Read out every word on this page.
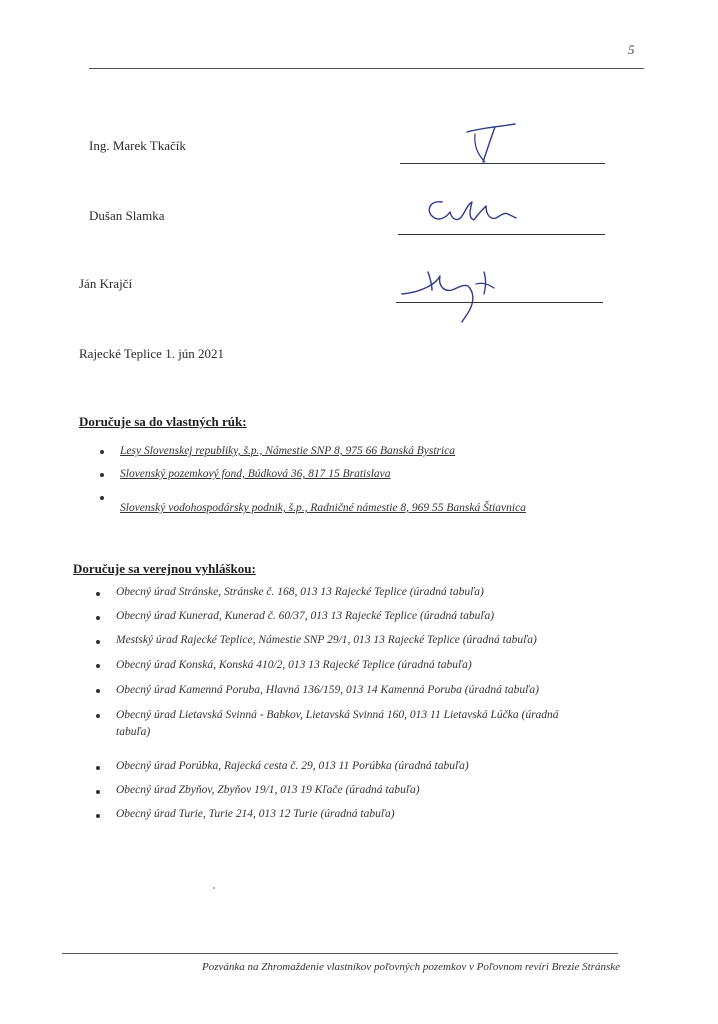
5
Ing. Marek Tkačík
Dušan Slamka
Ján Krajčí
Rajecké Teplice 1. jún 2021
Doručuje sa do vlastných rúk:
Lesy Slovenskej republiky, š.p., Námestie SNP 8, 975 66 Banská Bystrica
Slovenský pozemkový fond, Búdková 36, 817 15 Bratislava
Slovenský vodohospodársky podnik, š.p., Radničné námestie 8, 969 55 Banská Štiavnica
Doručuje sa verejnou vyhláškou:
Obecný úrad Stránske, Stránske č. 168, 013 13 Rajecké Teplice (úradná tabuľa)
Obecný úrad Kunerad, Kunerad č. 60/37, 013 13 Rajecké Teplice (úradná tabuľa)
Mestský úrad Rajecké Teplice, Námestie SNP 29/1, 013 13 Rajecké Teplice (úradná tabuľa)
Obecný úrad Konská, Konská 410/2, 013 13 Rajecké Teplice (úradná tabuľa)
Obecný úrad Kamenná Poruba, Hlavná 136/159, 013 14 Kamenná Poruba (úradná tabuľa)
Obecný úrad Lietavská Svinná - Babkov, Lietavská Svinná 160, 013 11 Lietavská Lúčka (úradná tabuľa)
Obecný úrad Porúbka, Rajecká cesta č. 29, 013 11 Porúbka (úradná tabuľa)
Obecný úrad Zbyňov, Zbyňov 19/1, 013 19 Kľače (úradná tabuľa)
Obecný úrad Turie, Turie 214, 013 12 Turie (úradná tabuľa)
Pozvánka na Zhromaždenie vlastníkov poľovných pozemkov v Poľovnom revíri Brezie Stránske
